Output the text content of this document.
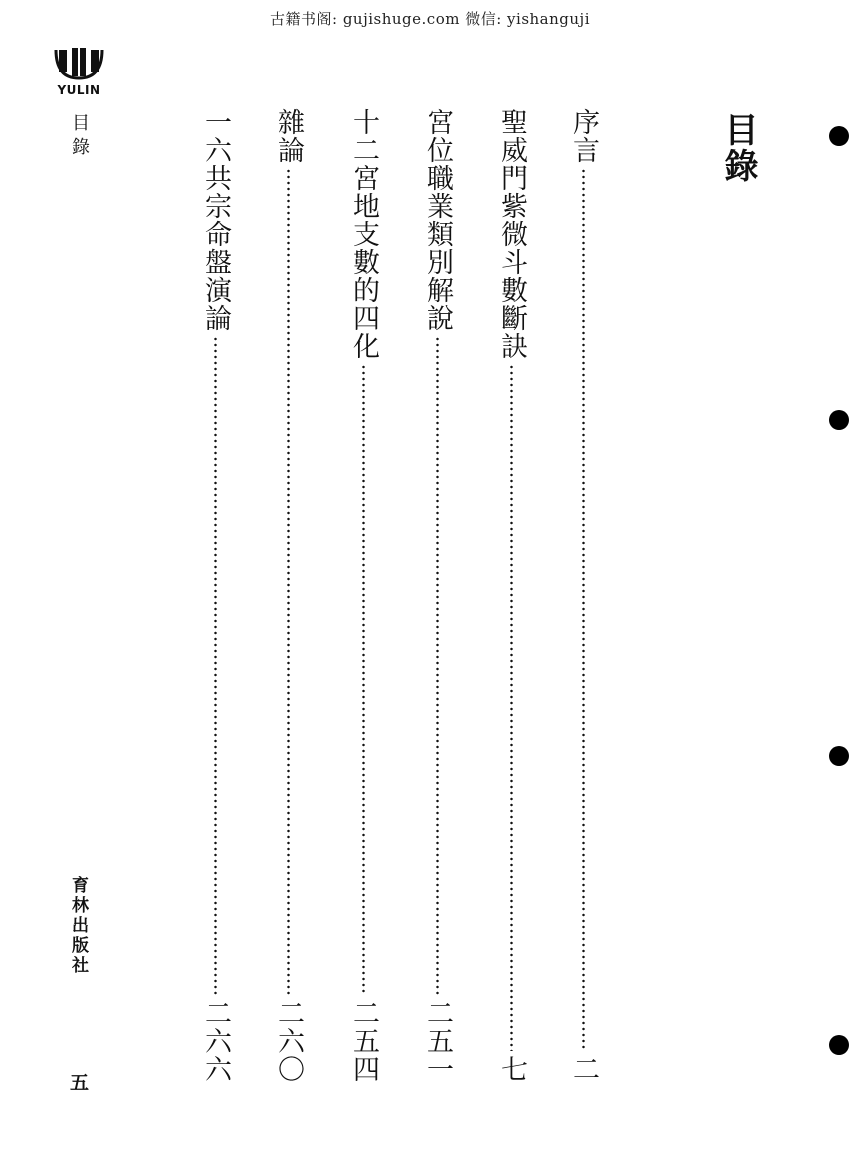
古籍书阁: gujishuge.com 微信: yishanguji
YULIN
目錄
育林出版社
五
目錄
序言
二
聖威門紫微斗數斷訣
七
宮位職業類別解說
二五一
十二宮地支數的四化
二五四
雜論
二六〇
一六共宗命盤演論
二六六
